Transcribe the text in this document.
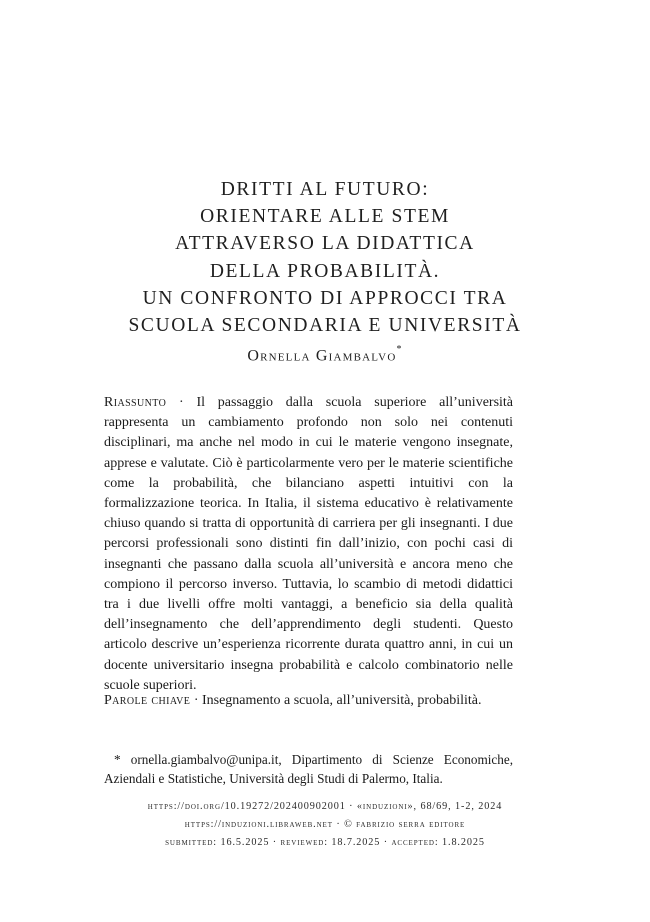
DRITTI AL FUTURO:
ORIENTARE ALLE STEM
ATTRAVERSO LA DIDATTICA
DELLA PROBABILITÀ.
UN CONFRONTO DI APPROCCI TRA
SCUOLA SECONDARIA E UNIVERSITÀ
Ornella Giambalvo*
Riassunto · Il passaggio dalla scuola superiore all’università rappresenta un cambiamento profondo non solo nei contenuti disciplinari, ma anche nel modo in cui le materie vengono insegnate, apprese e valutate. Ciò è particolarmente vero per le materie scientifiche come la probabilità, che bilanciano aspetti intuitivi con la formalizzazione teorica. In Italia, il sistema educativo è relativamente chiuso quando si tratta di opportunità di carriera per gli insegnanti. I due percorsi professionali sono distinti fin dall’inizio, con pochi casi di insegnanti che passano dalla scuola all’università e ancora meno che compiono il percorso inverso. Tuttavia, lo scambio di metodi didattici tra i due livelli offre molti vantaggi, a beneficio sia della qualità dell’insegnamento che dell’apprendimento degli studenti. Questo articolo descrive un’esperienza ricorrente durata quattro anni, in cui un docente universitario insegna probabilità e calcolo combinatorio nelle scuole superiori.
Parole chiave · Insegnamento a scuola, all’università, probabilità.
* ornella.giambalvo@unipa.it, Dipartimento di Scienze Economiche, Aziendali e Statistiche, Università degli Studi di Palermo, Italia.
https://doi.org/10.19272/202400902001 · «induzioni», 68/69, 1-2, 2024
https://induzioni.libraweb.net · © fabrizio serra editore
submitted: 16.5.2025 · reviewed: 18.7.2025 · accepted: 1.8.2025
